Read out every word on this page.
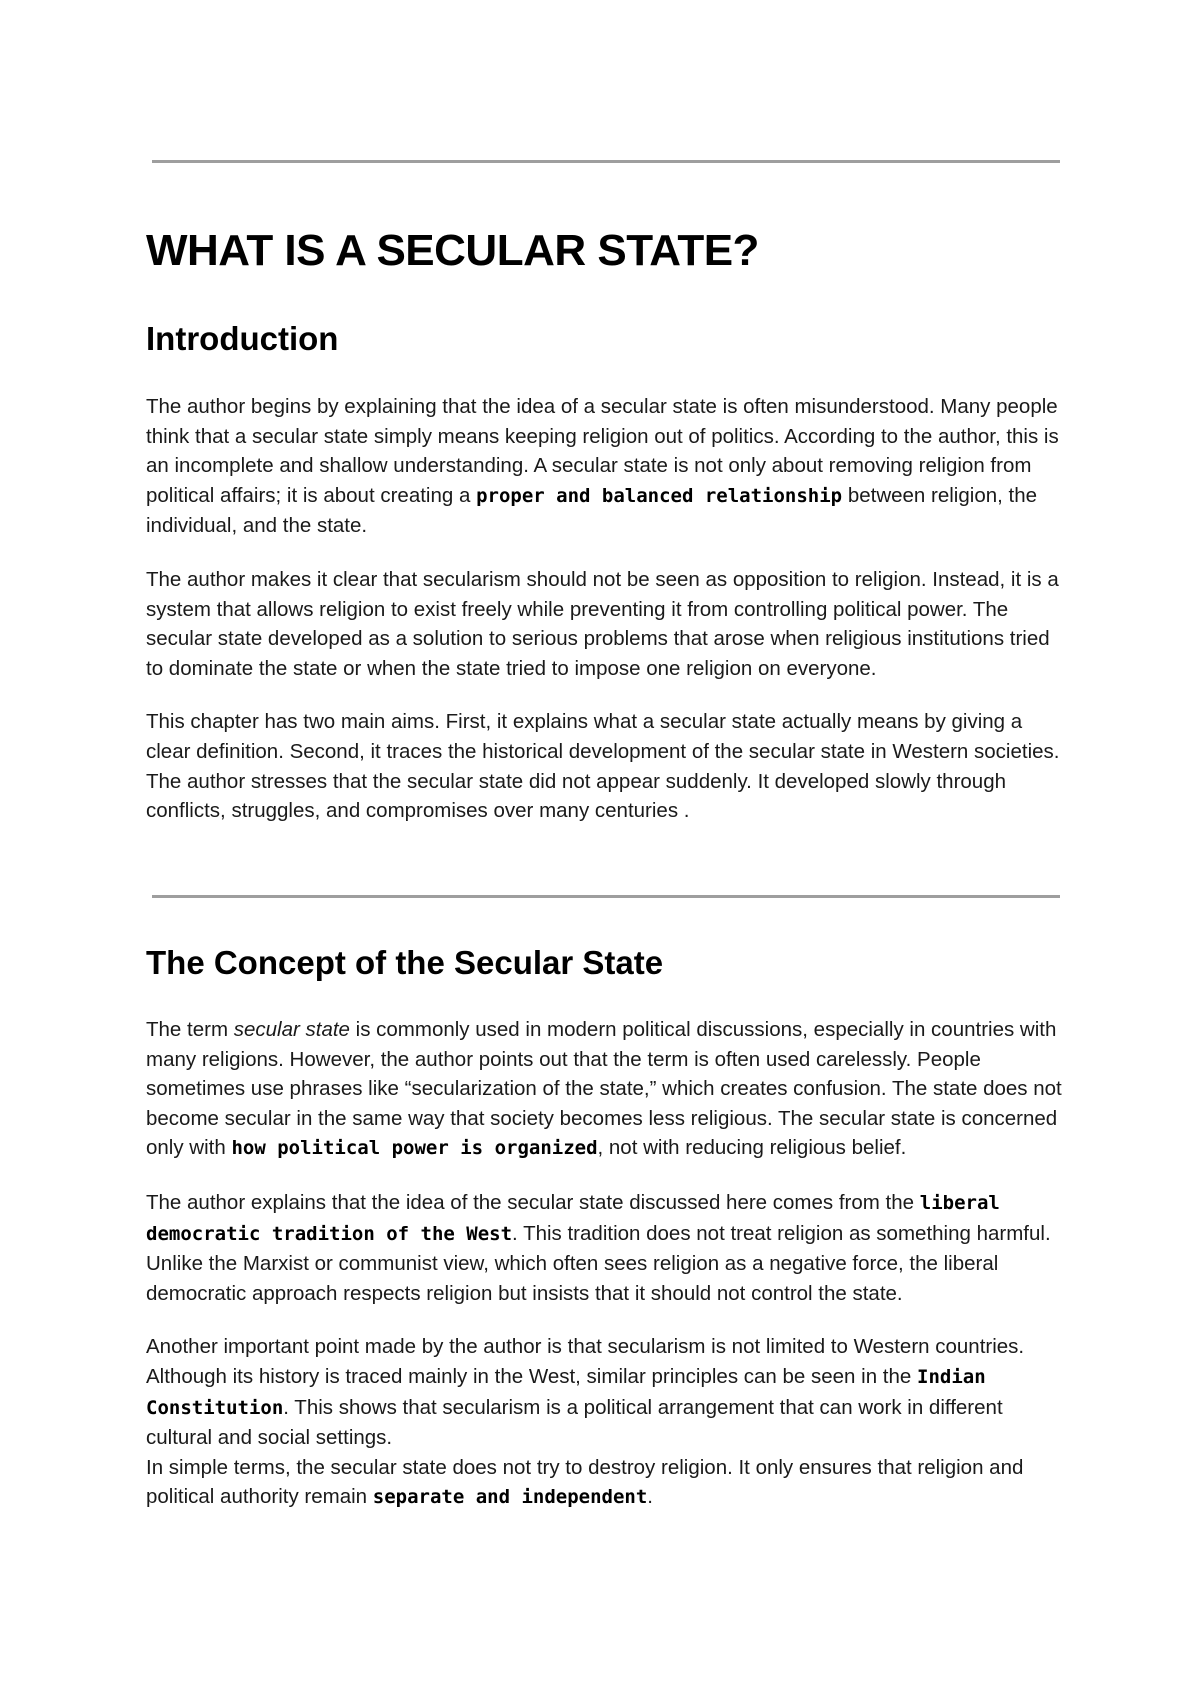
WHAT IS A SECULAR STATE?
Introduction

The author begins by explaining that the idea of a secular state is often misunderstood. Many people think that a secular state simply means keeping religion out of politics. According to the author, this is an incomplete and shallow understanding. A secular state is not only about removing religion from political affairs; it is about creating a proper and balanced relationship between religion, the individual, and the state.

The author makes it clear that secularism should not be seen as opposition to religion. Instead, it is a system that allows religion to exist freely while preventing it from controlling political power. The secular state developed as a solution to serious problems that arose when religious institutions tried to dominate the state or when the state tried to impose one religion on everyone.

This chapter has two main aims. First, it explains what a secular state actually means by giving a clear definition. Second, it traces the historical development of the secular state in Western societies. The author stresses that the secular state did not appear suddenly. It developed slowly through conflicts, struggles, and compromises over many centuries .

The Concept of the Secular State

The term secular state is commonly used in modern political discussions, especially in countries with many religions. However, the author points out that the term is often used carelessly. People sometimes use phrases like “secularization of the state,” which creates confusion. The state does not become secular in the same way that society becomes less religious. The secular state is concerned only with how political power is organized, not with reducing religious belief.

The author explains that the idea of the secular state discussed here comes from the liberal democratic tradition of the West. This tradition does not treat religion as something harmful. Unlike the Marxist or communist view, which often sees religion as a negative force, the liberal democratic approach respects religion but insists that it should not control the state.

Another important point made by the author is that secularism is not limited to Western countries. Although its history is traced mainly in the West, similar principles can be seen in the Indian Constitution. This shows that secularism is a political arrangement that can work in different cultural and social settings.

In simple terms, the secular state does not try to destroy religion. It only ensures that religion and political authority remain separate and independent.
